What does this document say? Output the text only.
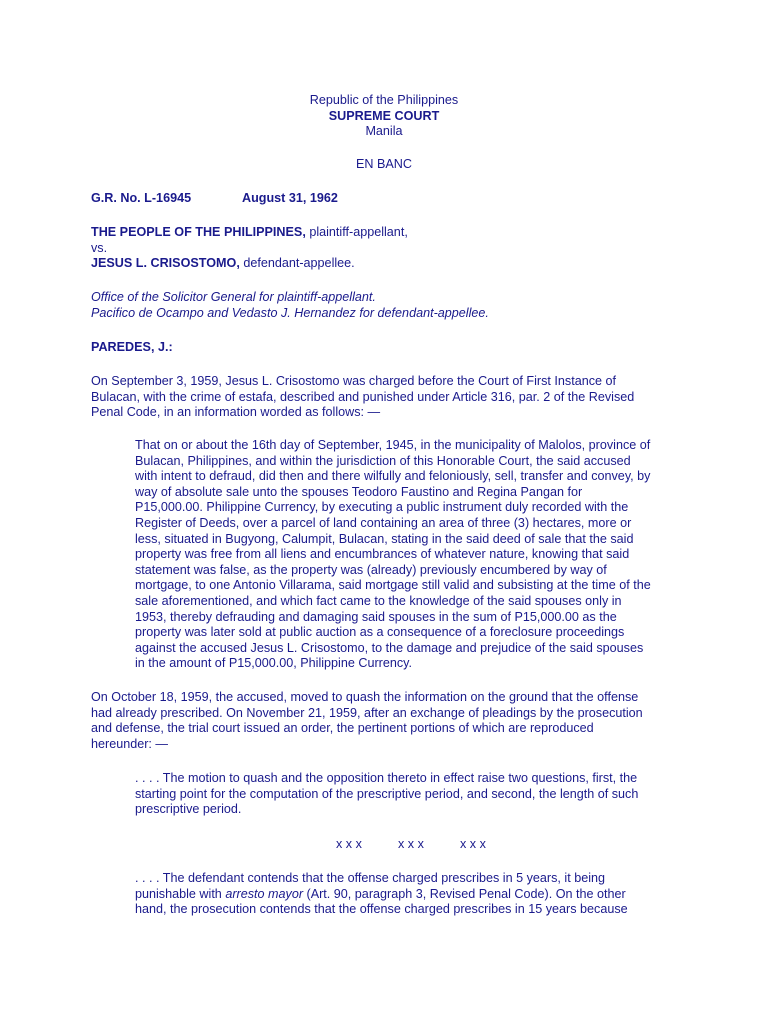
Republic of the Philippines
SUPREME COURT
Manila
EN BANC
G.R. No. L-16945	August 31, 1962
THE PEOPLE OF THE PHILIPPINES, plaintiff-appellant,
vs.
JESUS L. CRISOSTOMO, defendant-appellee.
Office of the Solicitor General for plaintiff-appellant.
Pacifico de Ocampo and Vedasto J. Hernandez for defendant-appellee.
PAREDES, J.:
On September 3, 1959, Jesus L. Crisostomo was charged before the Court of First Instance of
Bulacan, with the crime of estafa, described and punished under Article 316, par. 2 of the Revised
Penal Code, in an information worded as follows: —
That on or about the 16th day of September, 1945, in the municipality of Malolos, province of
Bulacan, Philippines, and within the jurisdiction of this Honorable Court, the said accused
with intent to defraud, did then and there wilfully and feloniously, sell, transfer and convey, by
way of absolute sale unto the spouses Teodoro Faustino and Regina Pangan for
P15,000.00. Philippine Currency, by executing a public instrument duly recorded with the
Register of Deeds, over a parcel of land containing an area of three (3) hectares, more or
less, situated in Bugyong, Calumpit, Bulacan, stating in the said deed of sale that the said
property was free from all liens and encumbrances of whatever nature, knowing that said
statement was false, as the property was (already) previously encumbered by way of
mortgage, to one Antonio Villarama, said mortgage still valid and subsisting at the time of the
sale aforementioned, and which fact came to the knowledge of the said spouses only in
1953, thereby defrauding and damaging said spouses in the sum of P15,000.00 as the
property was later sold at public auction as a consequence of a foreclosure proceedings
against the accused Jesus L. Crisostomo, to the damage and prejudice of the said spouses
in the amount of P15,000.00, Philippine Currency.
On October 18, 1959, the accused, moved to quash the information on the ground that the offense
had already prescribed. On November 21, 1959, after an exchange of pleadings by the prosecution
and defense, the trial court issued an order, the pertinent portions of which are reproduced
hereunder: —
. . . . The motion to quash and the opposition thereto in effect raise two questions, first, the
starting point for the computation of the prescriptive period, and second, the length of such
prescriptive period.
x x x	x x x	x x x
. . . . The defendant contends that the offense charged prescribes in 5 years, it being
punishable with arresto mayor (Art. 90, paragraph 3, Revised Penal Code). On the other
hand, the prosecution contends that the offense charged prescribes in 15 years because
